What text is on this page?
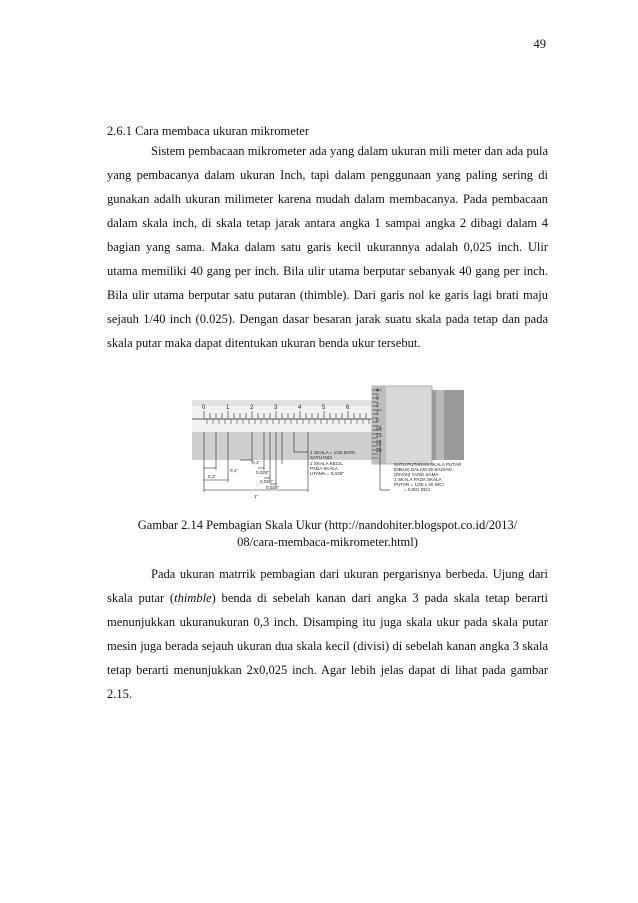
49
2.6.1 Cara membaca ukuran mikrometer

Sistem pembacaan mikrometer ada yang dalam ukuran mili meter dan ada pula yang pembacanya dalam ukuran Inch, tapi dalam penggunaan yang paling sering di gunakan adalh ukuran milimeter karena mudah dalam membacanya. Pada pembacaan dalam skala inch, di skala tetap jarak antara angka 1 sampai angka 2 dibagi dalam 4 bagian yang sama. Maka dalam satu garis kecil ukurannya adalah 0,025 inch. Ulir utama memiliki 40 gang per inch. Bila ulir utama berputar sebanyak 40 gang per inch. Bila ulir utama berputar satu putaran (thimble). Dari garis nol ke garis lagi brati maju sejauh 1/40 inch (0.025). Dengan dasar besaran jarak suatu skala pada tetap dan pada skala putar maka dapat ditentukan ukuran benda ukur tersebut.

0	1	2	3	4	5	6
4
3
2
1
0
24
23
22
21
1 SKALA = 1/40 DARI
SATU INCI
1 SKALA KECIL
PADA SKALA
UTAMA = 0,025"
SATU PUTARAN SKALA PUTAR
DIBAGI DALAM 25 BAGIAN
(DIVISI) YANG SAMA
1 SKALA PADA SKALA
PUTAR = 1/25 x 40 INCI
= 0,001 INCI
0,1"
0,1"
0,1"
0,025"
0,025"
0,025"
1"
Gambar 2.14 Pembagian Skala Ukur (http://nandohiter.blogspot.co.id/2013/
08/cara-membaca-mikrometer.html)

Pada ukuran matrrik pembagian dari ukuran pergarisnya berbeda. Ujung dari skala putar (thimble) benda di sebelah kanan dari angka 3 pada skala tetap berarti menunjukkan ukuranukuran 0,3 inch. Disamping itu juga skala ukur pada skala putar mesin juga berada sejauh ukuran dua skala kecil (divisi) di sebelah kanan angka 3 skala tetap berarti menunjukkan 2x0,025 inch. Agar lebih jelas dapat di lihat pada gambar 2.15.
